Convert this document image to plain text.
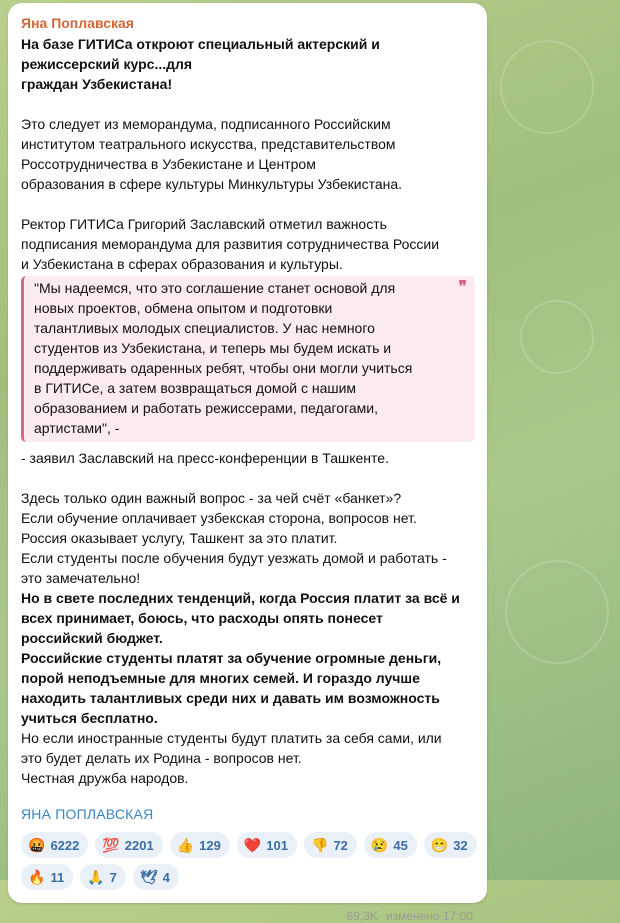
Яна Поплавская

На базе ГИТИСа откроют специальный актерский и

режиссерский курс...для

граждан Узбекистана!

Это следует из меморандума, подписанного Российским

институтом театрального искусства, представительством

Россотрудничества в Узбекистане и Центром

образования в сфере культуры Минкультуры Узбекистана.

Ректор ГИТИСа Григорий Заславский отметил важность

подписания меморандума для развития сотрудничества России

и Узбекистана в сферах образования и культуры.

❞

"Мы надеемся, что это соглашение станет основой для

новых проектов, обмена опытом и подготовки

талантливых молодых специалистов. У нас немного

студентов из Узбекистана, и теперь мы будем искать и

поддерживать одаренных ребят, чтобы они могли учиться

в ГИТИСе, а затем возвращаться домой с нашим

образованием и работать режиссерами, педагогами,

артистами", -

- заявил Заславский на пресс-конференции в Ташкенте.

Здесь только один важный вопрос - за чей счёт «банкет»?

Если обучение оплачивает узбекская сторона, вопросов нет.

Россия оказывает услугу, Ташкент за это платит.

Если студенты после обучения будут уезжать домой и работать -

это замечательно!

Но в свете последних тенденций, когда Россия платит за всё и

всех принимает, боюсь, что расходы опять понесет

российский бюджет.

Российские студенты платят за обучение огромные деньги,

порой неподъемные для многих семей. И гораздо лучше

находить талантливых среди них и давать им возможность

учиться бесплатно.

Но если иностранные студенты будут платить за себя сами, или

это будет делать их Родина - вопросов нет.

Честная дружба народов.

ЯНА ПОПЛАВСКАЯ
🤬 6222 💯 2201 👍 129 ❤️ 101 👎 72 😢 45 😁 32
🔥 11 🙏 7 🕊 4
69,3K изменено 17:00
